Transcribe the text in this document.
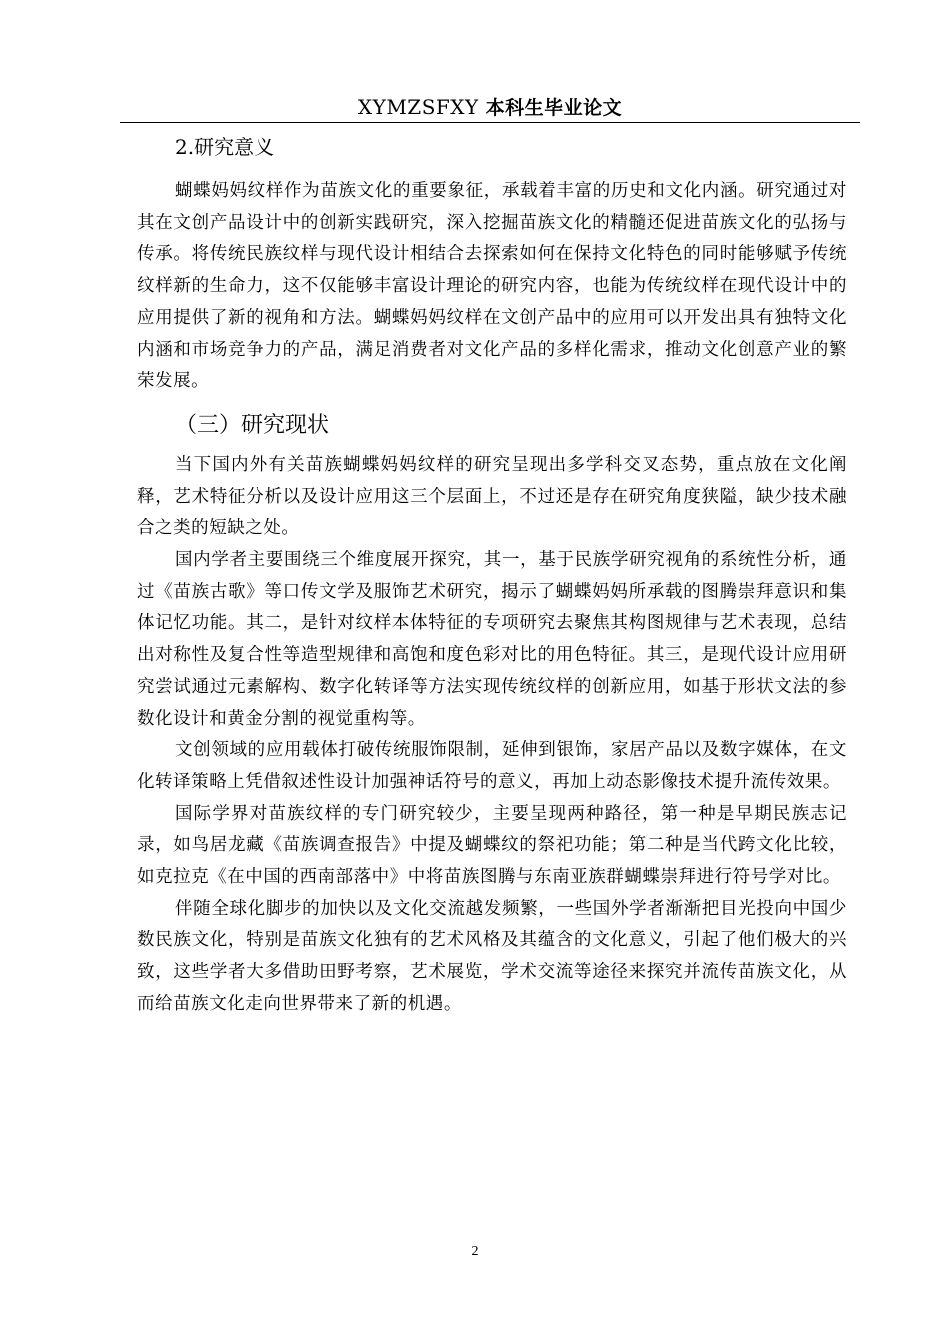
XYMZSFXY 本科生毕业论文
2.研究意义

蝴蝶妈妈纹样作为苗族文化的重要象征，承载着丰富的历史和文化内涵。研究通过对其在文创产品设计中的创新实践研究，深入挖掘苗族文化的精髓还促进苗族文化的弘扬与传承。将传统民族纹样与现代设计相结合去探索如何在保持文化特色的同时能够赋予传统纹样新的生命力，这不仅能够丰富设计理论的研究内容，也能为传统纹样在现代设计中的应用提供了新的视角和方法。蝴蝶妈妈纹样在文创产品中的应用可以开发出具有独特文化内涵和市场竞争力的产品，满足消费者对文化产品的多样化需求，推动文化创意产业的繁荣发展。

（三）研究现状

当下国内外有关苗族蝴蝶妈妈纹样的研究呈现出多学科交叉态势，重点放在文化阐释，艺术特征分析以及设计应用这三个层面上，不过还是存在研究角度狭隘，缺少技术融合之类的短缺之处。

国内学者主要围绕三个维度展开探究，其一，基于民族学研究视角的系统性分析，通过《苗族古歌》等口传文学及服饰艺术研究，揭示了蝴蝶妈妈所承载的图腾崇拜意识和集体记忆功能。其二，是针对纹样本体特征的专项研究去聚焦其构图规律与艺术表现，总结出对称性及复合性等造型规律和高饱和度色彩对比的用色特征。其三，是现代设计应用研究尝试通过元素解构、数字化转译等方法实现传统纹样的创新应用，如基于形状文法的参数化设计和黄金分割的视觉重构等。

文创领域的应用载体打破传统服饰限制，延伸到银饰，家居产品以及数字媒体，在文化转译策略上凭借叙述性设计加强神话符号的意义，再加上动态影像技术提升流传效果。

国际学界对苗族纹样的专门研究较少，主要呈现两种路径，第一种是早期民族志记录，如鸟居龙藏《苗族调查报告》中提及蝴蝶纹的祭祀功能；第二种是当代跨文化比较，如克拉克《在中国的西南部落中》中将苗族图腾与东南亚族群蝴蝶崇拜进行符号学对比。

伴随全球化脚步的加快以及文化交流越发频繁，一些国外学者渐渐把目光投向中国少数民族文化，特别是苗族文化独有的艺术风格及其蕴含的文化意义，引起了他们极大的兴致，这些学者大多借助田野考察，艺术展览，学术交流等途径来探究并流传苗族文化，从而给苗族文化走向世界带来了新的机遇。

2
